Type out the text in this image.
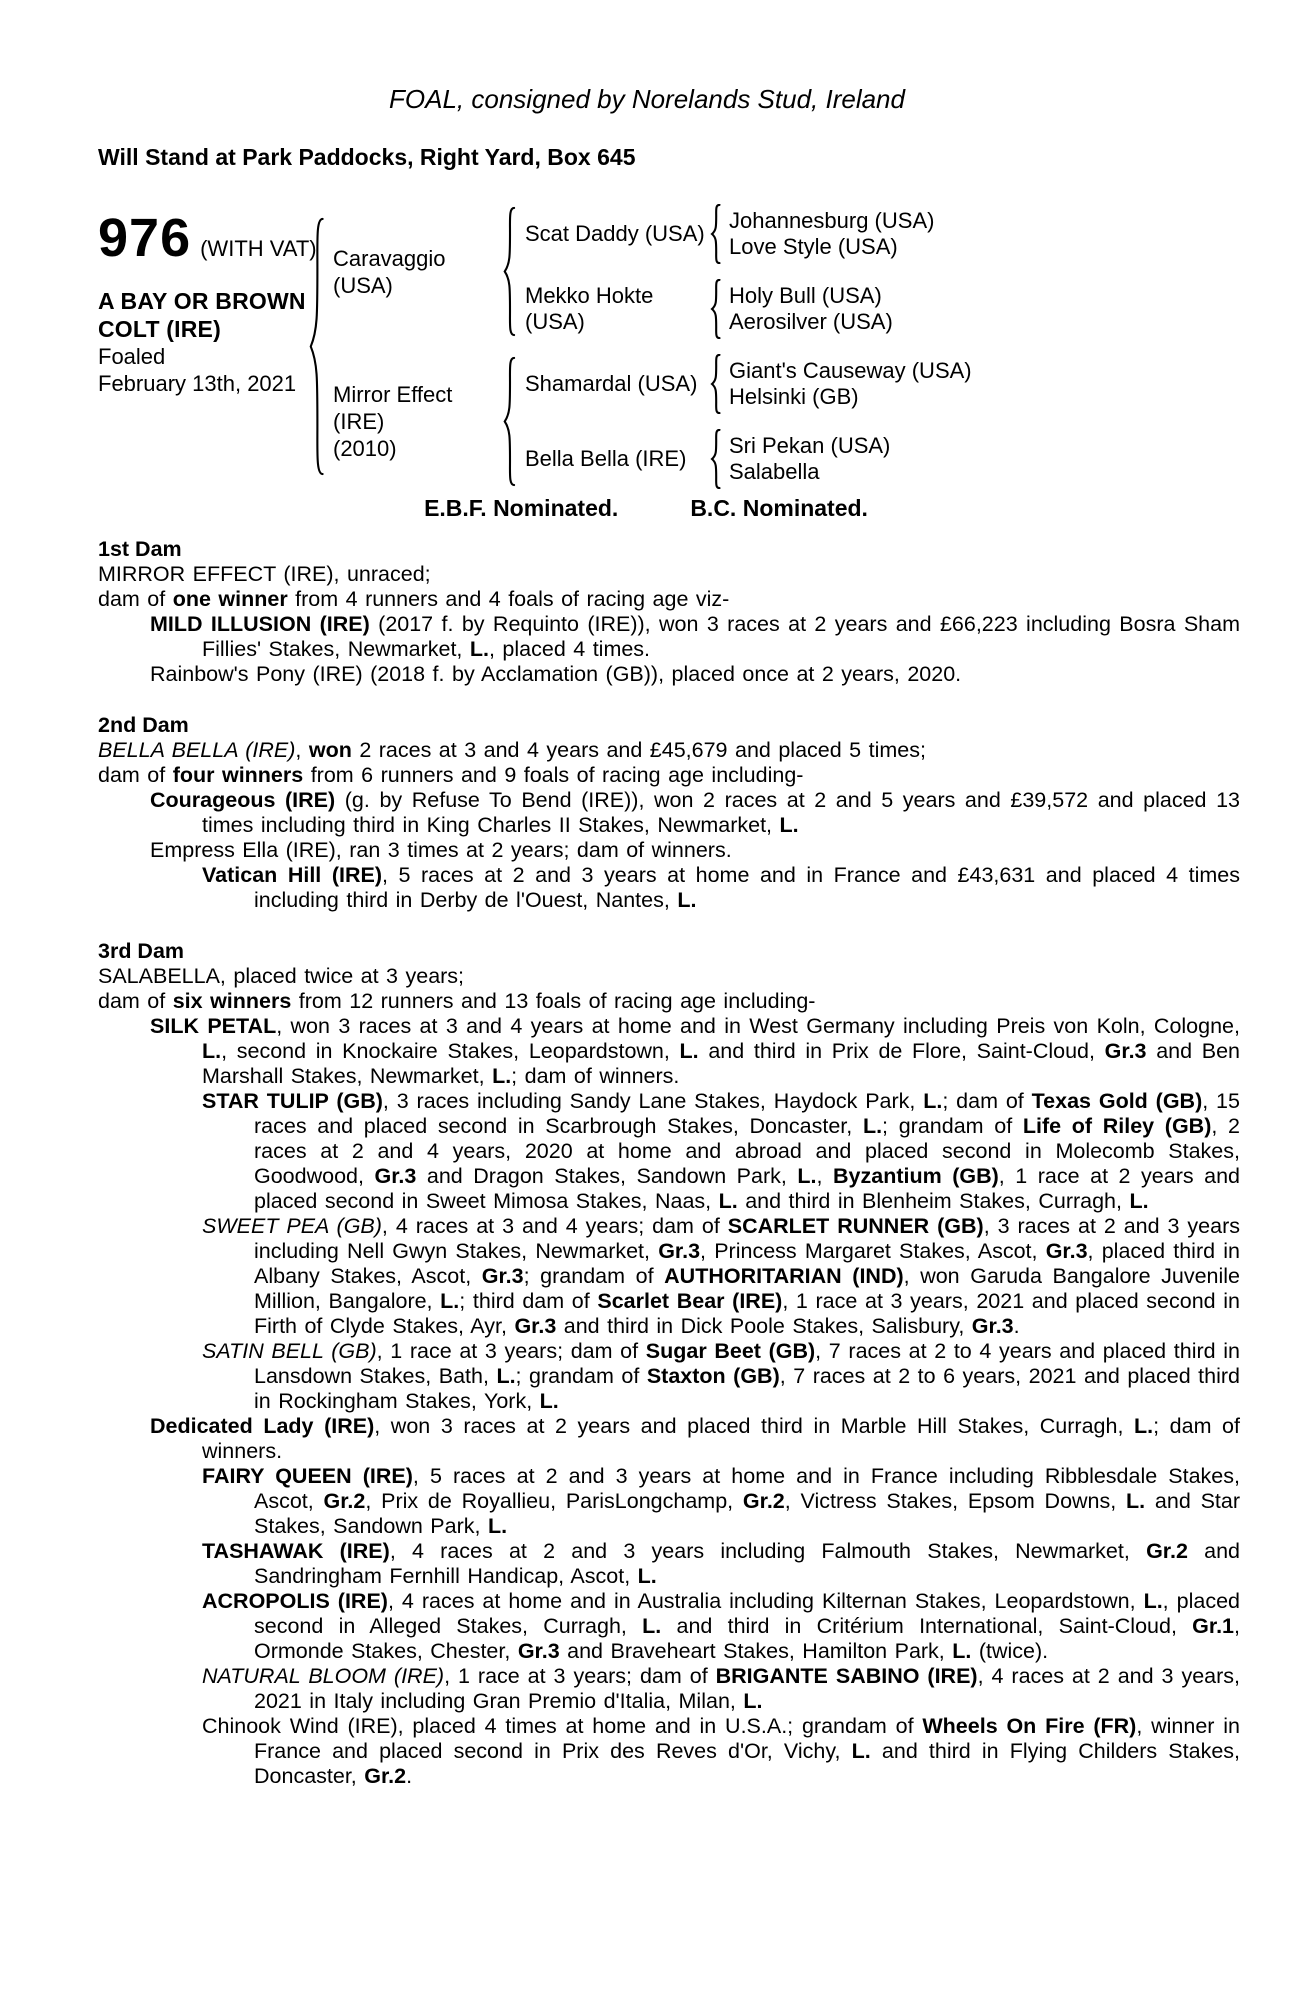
FOAL, consigned by Norelands Stud, Ireland
Will Stand at Park Paddocks, Right Yard, Box 645
976 (WITH VAT)
A BAY OR BROWN
COLT (IRE)
Foaled
February 13th, 2021
Caravaggio (USA)
Scat Daddy (USA)
Johannesburg (USA)
Love Style (USA)
Mekko Hokte (USA)
Holy Bull (USA)
Aerosilver (USA)
Mirror Effect (IRE)
(2010)
Shamardal (USA)
Giant's Causeway (USA)
Helsinki (GB)
Bella Bella (IRE)
Sri Pekan (USA)
Salabella
E.B.F. Nominated.	B.C. Nominated.
1st Dam

MIRROR EFFECT (IRE), unraced;

dam of one winner from 4 runners and 4 foals of racing age viz-

MILD ILLUSION (IRE) (2017 f. by Requinto (IRE)), won 3 races at 2 years and £66,223 including Bosra Sham Fillies' Stakes, Newmarket, L., placed 4 times.

Rainbow's Pony (IRE) (2018 f. by Acclamation (GB)), placed once at 2 years, 2020.

2nd Dam

BELLA BELLA (IRE), won 2 races at 3 and 4 years and £45,679 and placed 5 times;

dam of four winners from 6 runners and 9 foals of racing age including-

Courageous (IRE) (g. by Refuse To Bend (IRE)), won 2 races at 2 and 5 years and £39,572 and placed 13 times including third in King Charles II Stakes, Newmarket, L.

Empress Ella (IRE), ran 3 times at 2 years; dam of winners.

Vatican Hill (IRE), 5 races at 2 and 3 years at home and in France and £43,631 and placed 4 times including third in Derby de l'Ouest, Nantes, L.

3rd Dam

SALABELLA, placed twice at 3 years;

dam of six winners from 12 runners and 13 foals of racing age including-

SILK PETAL, won 3 races at 3 and 4 years at home and in West Germany including Preis von Koln, Cologne, L., second in Knockaire Stakes, Leopardstown, L. and third in Prix de Flore, Saint-Cloud, Gr.3 and Ben Marshall Stakes, Newmarket, L.; dam of winners.

STAR TULIP (GB), 3 races including Sandy Lane Stakes, Haydock Park, L.; dam of Texas Gold (GB), 15 races and placed second in Scarbrough Stakes, Doncaster, L.; grandam of Life of Riley (GB), 2 races at 2 and 4 years, 2020 at home and abroad and placed second in Molecomb Stakes, Goodwood, Gr.3 and Dragon Stakes, Sandown Park, L., Byzantium (GB), 1 race at 2 years and placed second in Sweet Mimosa Stakes, Naas, L. and third in Blenheim Stakes, Curragh, L.

SWEET PEA (GB), 4 races at 3 and 4 years; dam of SCARLET RUNNER (GB), 3 races at 2 and 3 years including Nell Gwyn Stakes, Newmarket, Gr.3, Princess Margaret Stakes, Ascot, Gr.3, placed third in Albany Stakes, Ascot, Gr.3; grandam of AUTHORITARIAN (IND), won Garuda Bangalore Juvenile Million, Bangalore, L.; third dam of Scarlet Bear (IRE), 1 race at 3 years, 2021 and placed second in Firth of Clyde Stakes, Ayr, Gr.3 and third in Dick Poole Stakes, Salisbury, Gr.3.

SATIN BELL (GB), 1 race at 3 years; dam of Sugar Beet (GB), 7 races at 2 to 4 years and placed third in Lansdown Stakes, Bath, L.; grandam of Staxton (GB), 7 races at 2 to 6 years, 2021 and placed third in Rockingham Stakes, York, L.

Dedicated Lady (IRE), won 3 races at 2 years and placed third in Marble Hill Stakes, Curragh, L.; dam of winners.

FAIRY QUEEN (IRE), 5 races at 2 and 3 years at home and in France including Ribblesdale Stakes, Ascot, Gr.2, Prix de Royallieu, ParisLongchamp, Gr.2, Victress Stakes, Epsom Downs, L. and Star Stakes, Sandown Park, L.

TASHAWAK (IRE), 4 races at 2 and 3 years including Falmouth Stakes, Newmarket, Gr.2 and Sandringham Fernhill Handicap, Ascot, L.

ACROPOLIS (IRE), 4 races at home and in Australia including Kilternan Stakes, Leopardstown, L., placed second in Alleged Stakes, Curragh, L. and third in Critérium International, Saint-Cloud, Gr.1, Ormonde Stakes, Chester, Gr.3 and Braveheart Stakes, Hamilton Park, L. (twice).

NATURAL BLOOM (IRE), 1 race at 3 years; dam of BRIGANTE SABINO (IRE), 4 races at 2 and 3 years, 2021 in Italy including Gran Premio d'Italia, Milan, L.

Chinook Wind (IRE), placed 4 times at home and in U.S.A.; grandam of Wheels On Fire (FR), winner in France and placed second in Prix des Reves d'Or, Vichy, L. and third in Flying Childers Stakes, Doncaster, Gr.2.
